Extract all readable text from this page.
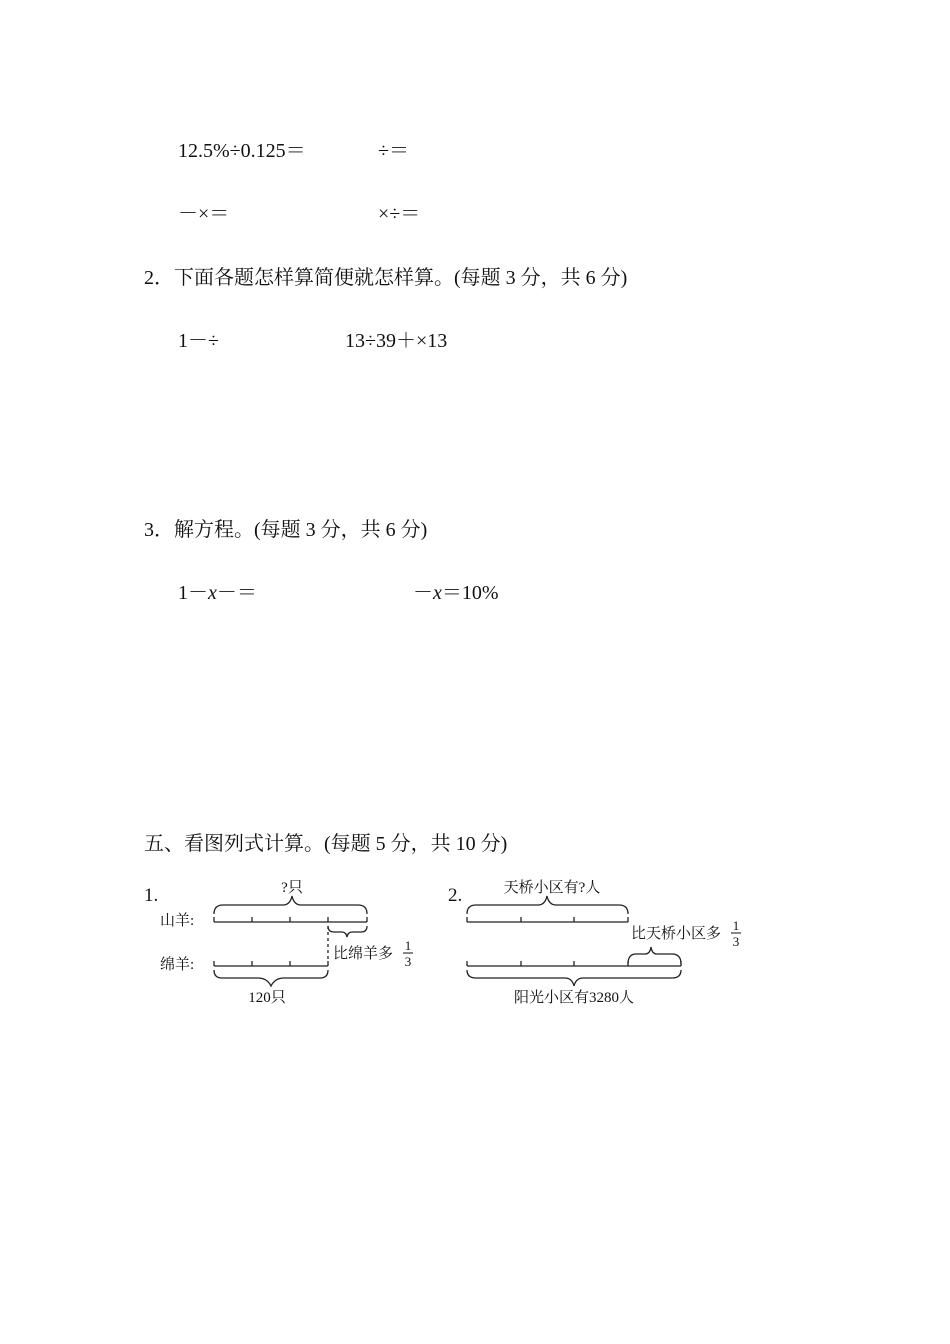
12.5%÷0.125＝	÷＝
－×＝	×÷＝
2．下面各题怎样算简便就怎样算。(每题 3 分，共 6 分)
1－÷	13÷39＋×13
3．解方程。(每题 3 分，共 6 分)
1－x－＝	－x＝10%
五、看图列式计算。(每题 5 分，共 10 分)
1.	?只
山羊:
绵羊:
比绵羊多
1
3
120只
2.	天桥小区有?人
比天桥小区多
1
3
阳光小区有3280人
